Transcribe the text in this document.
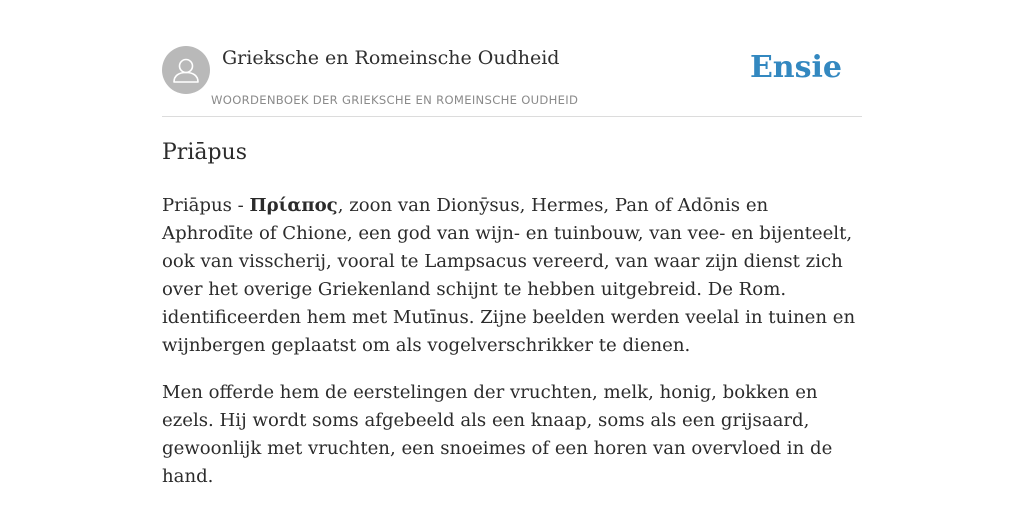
Grieksche en Romeinsche Oudheid
WOORDENBOEK DER GRIEKSCHE EN ROMEINSCHE OUDHEID
Ensie
Priāpus

Priāpus - Πρίαπος, zoon van Dionȳsus, Hermes, Pan of Adōnis en Aphrodīte of Chione, een god van wijn- en tuinbouw, van vee- en bijenteelt, ook van visscherij, vooral te Lampsacus vereerd, van waar zijn dienst zich over het overige Griekenland schijnt te hebben uitgebreid. De Rom. identificeerden hem met Mutīnus. Zijne beelden werden veelal in tuinen en wijnbergen geplaatst om als vogelverschrikker te dienen.

Men offerde hem de eerstelingen der vruchten, melk, honig, bokken en ezels. Hij wordt soms afgebeeld als een knaap, soms als een grijsaard, gewoonlijk met vruchten, een snoeimes of een horen van overvloed in de hand.
